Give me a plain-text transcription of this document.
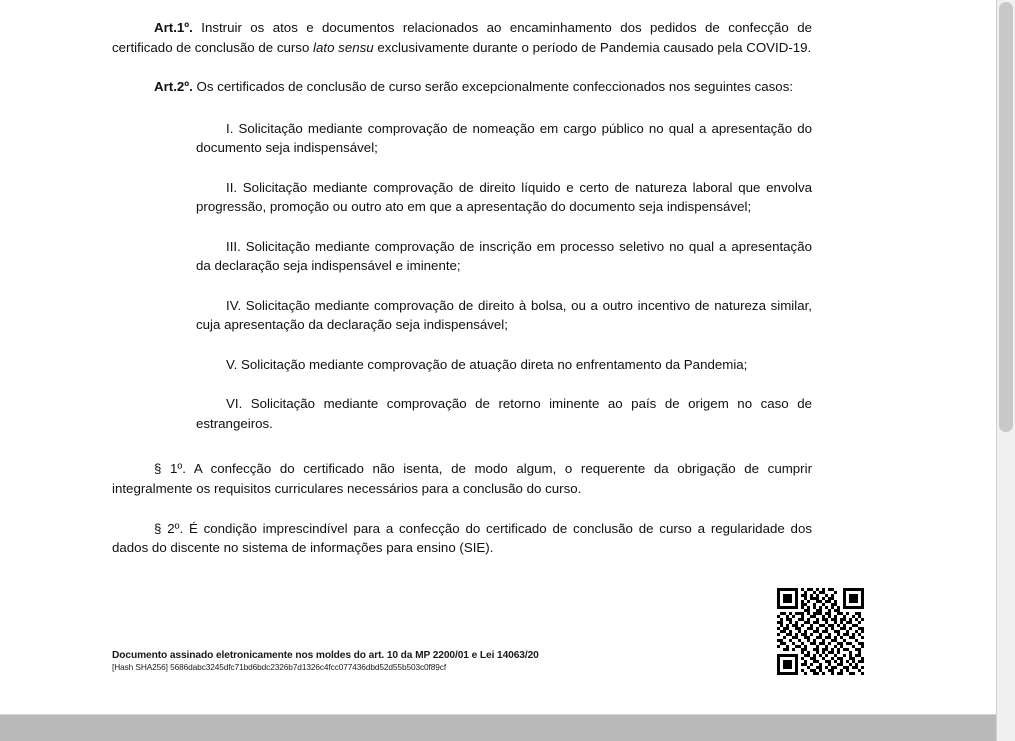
Art.1º. Instruir os atos e documentos relacionados ao encaminhamento dos pedidos de confecção de certificado de conclusão de curso lato sensu exclusivamente durante o período de Pandemia causado pela COVID-19.

Art.2º. Os certificados de conclusão de curso serão excepcionalmente confeccionados nos seguintes casos:

I. Solicitação mediante comprovação de nomeação em cargo público no qual a apresentação do documento seja indispensável;

II. Solicitação mediante comprovação de direito líquido e certo de natureza laboral que envolva progressão, promoção ou outro ato em que a apresentação do documento seja indispensável;

III. Solicitação mediante comprovação de inscrição em processo seletivo no qual a apresentação da declaração seja indispensável e iminente;

IV. Solicitação mediante comprovação de direito à bolsa, ou a outro incentivo de natureza similar, cuja apresentação da declaração seja indispensável;

V. Solicitação mediante comprovação de atuação direta no enfrentamento da Pandemia;

VI. Solicitação mediante comprovação de retorno iminente ao país de origem no caso de estrangeiros.

§ 1º. A confecção do certificado não isenta, de modo algum, o requerente da obrigação de cumprir integralmente os requisitos curriculares necessários para a conclusão do curso.

§ 2º. É condição imprescindível para a confecção do certificado de conclusão de curso a regularidade dos dados do discente no sistema de informações para ensino (SIE).

Documento assinado eletronicamente nos moldes do art. 10 da MP 2200/01 e Lei 14063/20
[Hash SHA256] 5686dabc3245dfc71bd6bdc2326b7d1326c4fcc077436dbd52d55b503c0f89cf
